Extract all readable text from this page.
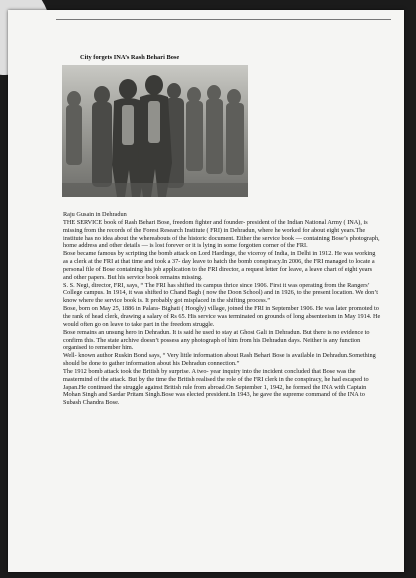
City forgets INA’s Rash Behari Bose

Raju Gusain in Dehradun

THE SERVICE book of Rash Behari Bose, freedom fighter and founder- president of the Indian National Army ( INA), is missing from the records of the Forest Research Institute ( FRI) in Dehradun, where he worked for about eight years.The institute has no idea about the whereabouts of the historic document. Either the service book — containing Bose’s photograph, home address and other details — is lost forever or it is lying in some forgotten corner of the FRI.

Bose became famous by scripting the bomb attack on Lord Hardinge, the viceroy of India, in Delhi in 1912. He was working as a clerk at the FRI at that time and took a 37- day leave to hatch the bomb conspiracy.In 2006, the FRI managed to locate a personal file of Bose containing his job application to the FRI director, a request letter for leave, a leave chart of eight years and other papers. But his service book remains missing.

S. S. Negi, director, FRI, says, “ The FRI has shifted its campus thrice since 1906. First it was operating from the Rangers’ College campus. In 1914, it was shifted to Chand Bagh ( now the Doon School) and in 1926, to the present location. We don’t know where the service book is. It probably got misplaced in the shifting process.”

Bose, born on May 25, 1886 in Palara- Bighati ( Hoogly) village, joined the FRI in September 1906. He was later promoted to the rank of head clerk, drawing a salary of Rs 65. His service was terminated on grounds of long absenteeism in May 1914. He would often go on leave to take part in the freedom struggle.

Bose remains an unsung hero in Dehradun. It is said he used to stay at Ghosi Gali in Dehradun. But there is no evidence to confirm this. The state archive doesn’t possess any photograph of him from his Dehradun days. Neither is any function organised to remember him.

Well- known author Ruskin Bond says, “ Very little information about Rash Behari Bose is available in Dehradun.Something should be done to gather information about his Dehradun connection.”

The 1912 bomb attack took the British by surprise. A two- year inquiry into the incident concluded that Bose was the mastermind of the attack. But by the time the British realised the role of the FRI clerk in the conspiracy, he had escaped to Japan.He continued the struggle against British rule from abroad.On September 1, 1942, he formed the INA with Captain Mohan Singh and Sardar Pritam Singh.Bose was elected president.In 1943, he gave the supreme command of the INA to Subash Chandra Bose.
